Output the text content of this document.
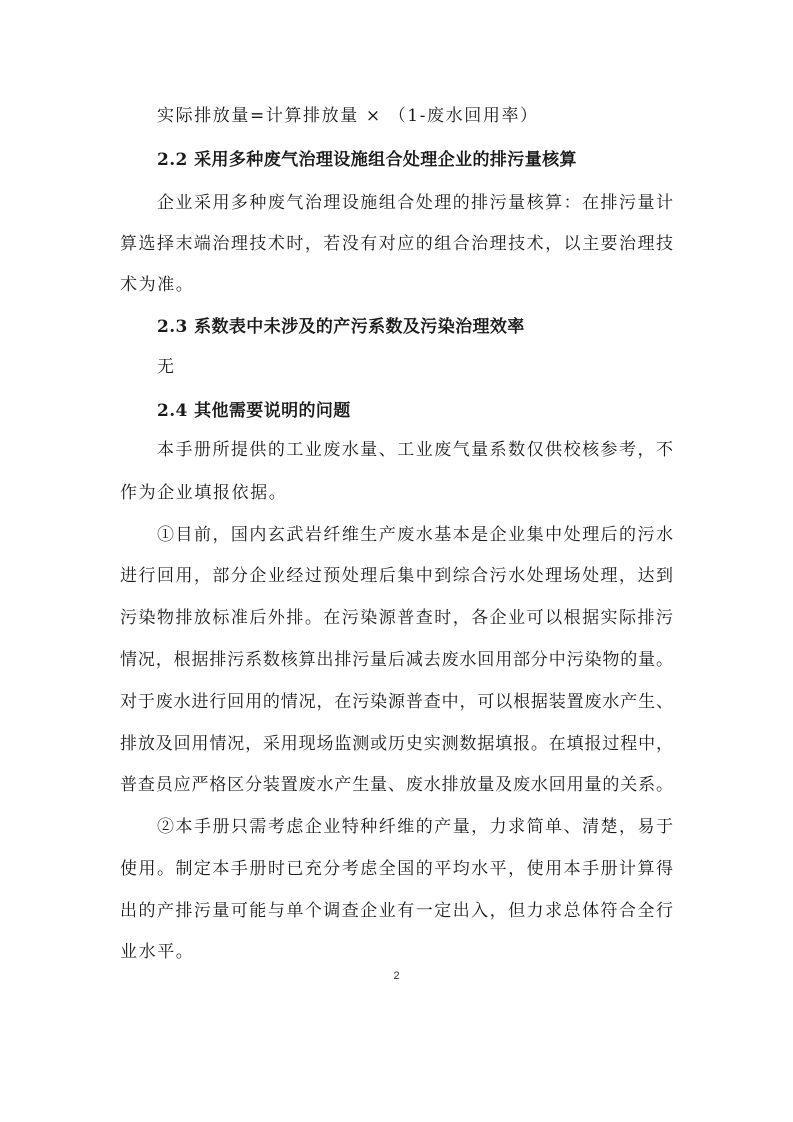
实际排放量=计算排放量 × （1-废水回用率）
2.2 采用多种废气治理设施组合处理企业的排污量核算
企业采用多种废气治理设施组合处理的排污量核算：在排污量计
算选择末端治理技术时，若没有对应的组合治理技术，以主要治理技
术为准。
2.3 系数表中未涉及的产污系数及污染治理效率
无
2.4 其他需要说明的问题
本手册所提供的工业废水量、工业废气量系数仅供校核参考，不
作为企业填报依据。
①目前，国内玄武岩纤维生产废水基本是企业集中处理后的污水
进行回用，部分企业经过预处理后集中到综合污水处理场处理，达到
污染物排放标准后外排。在污染源普查时，各企业可以根据实际排污
情况，根据排污系数核算出排污量后减去废水回用部分中污染物的量。
对于废水进行回用的情况，在污染源普查中，可以根据装置废水产生、
排放及回用情况，采用现场监测或历史实测数据填报。在填报过程中，
普查员应严格区分装置废水产生量、废水排放量及废水回用量的关系。
②本手册只需考虑企业特种纤维的产量，力求简单、清楚，易于
使用。制定本手册时已充分考虑全国的平均水平，使用本手册计算得
出的产排污量可能与单个调查企业有一定出入，但力求总体符合全行
业水平。
2
